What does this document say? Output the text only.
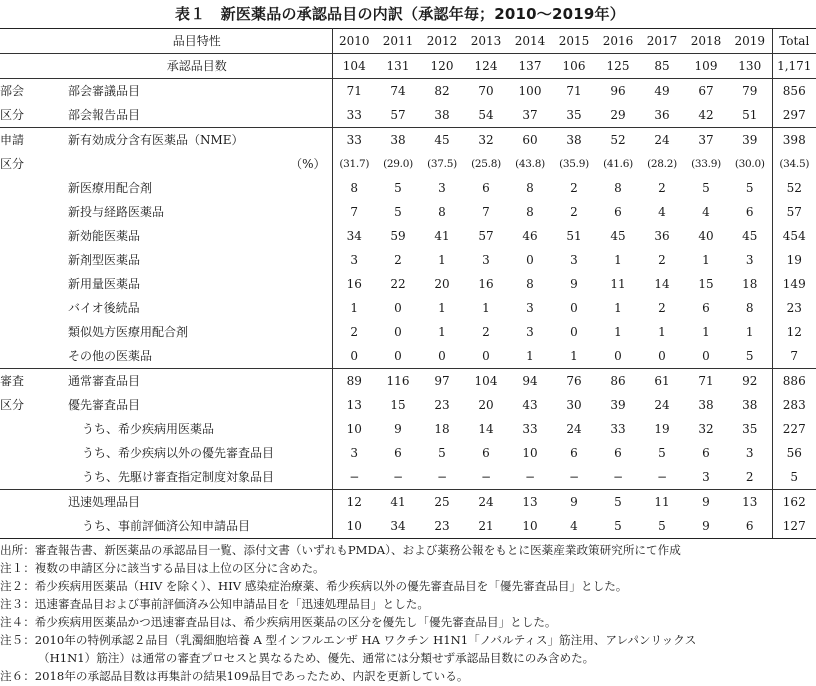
表１　新医薬品の承認品目の内訳（承認年毎；2010〜2019年）
	品目特性	2010	2011	2012	2013	2014	2015	2016	2017	2018	2019	Total
	承認品目数	104	131	120	124	137	106	125	85	109	130	1,171
部会	部会審議品目	71	74	82	70	100	71	96	49	67	79	856
区分	部会報告品目	33	57	38	54	37	35	29	36	42	51	297
申請	新有効成分含有医薬品（NME）	33	38	45	32	60	38	52	24	37	39	398
区分	（%）	(31.7)	(29.0)	(37.5)	(25.8)	(43.8)	(35.9)	(41.6)	(28.2)	(33.9)	(30.0)	(34.5)
	新医療用配合剤	8	5	3	6	8	2	8	2	5	5	52
	新投与経路医薬品	7	5	8	7	8	2	6	4	4	6	57
	新効能医薬品	34	59	41	57	46	51	45	36	40	45	454
	新剤型医薬品	3	2	1	3	0	3	1	2	1	3	19
	新用量医薬品	16	22	20	16	8	9	11	14	15	18	149
	バイオ後続品	1	0	1	1	3	0	1	2	6	8	23
	類似処方医療用配合剤	2	0	1	2	3	0	1	1	1	1	12
	その他の医薬品	0	0	0	0	1	1	0	0	0	5	7
審査	通常審査品目	89	116	97	104	94	76	86	61	71	92	886
区分	優先審査品目	13	15	23	20	43	30	39	24	38	38	283
	うち、希少疾病用医薬品	10	9	18	14	33	24	33	19	32	35	227
	うち、希少疾病以外の優先審査品目	3	6	5	6	10	6	6	5	6	3	56
	うち、先駆け審査指定制度対象品目	−	−	−	−	−	−	−	−	3	2	5
	迅速処理品目	12	41	25	24	13	9	5	11	9	13	162
	うち、事前評価済公知申請品目	10	34	23	21	10	4	5	5	9	6	127
出所：審査報告書、新医薬品の承認品目一覧、添付文書（いずれもPMDA）、および薬務公報をもとに医薬産業政策研究所にて作成
注１：複数の申請区分に該当する品目は上位の区分に含めた。
注２：希少疾病用医薬品（HIV を除く）、HIV 感染症治療薬、希少疾病以外の優先審査品目を「優先審査品目」とした。
注３：迅速審査品目および事前評価済み公知申請品目を「迅速処理品目」とした。
注４：希少疾病用医薬品かつ迅速審査品目は、希少疾病用医薬品の区分を優先し「優先審査品目」とした。
注５：2010年の特例承認２品目（乳濁細胞培養 A 型インフルエンザ HA ワクチン H1N1「ノバルティス」筋注用、アレパンリックス
（H1N1）筋注）は通常の審査プロセスと異なるため、優先、通常には分類せず承認品目数にのみ含めた。
注６：2018年の承認品目数は再集計の結果109品目であったため、内訳を更新している。
